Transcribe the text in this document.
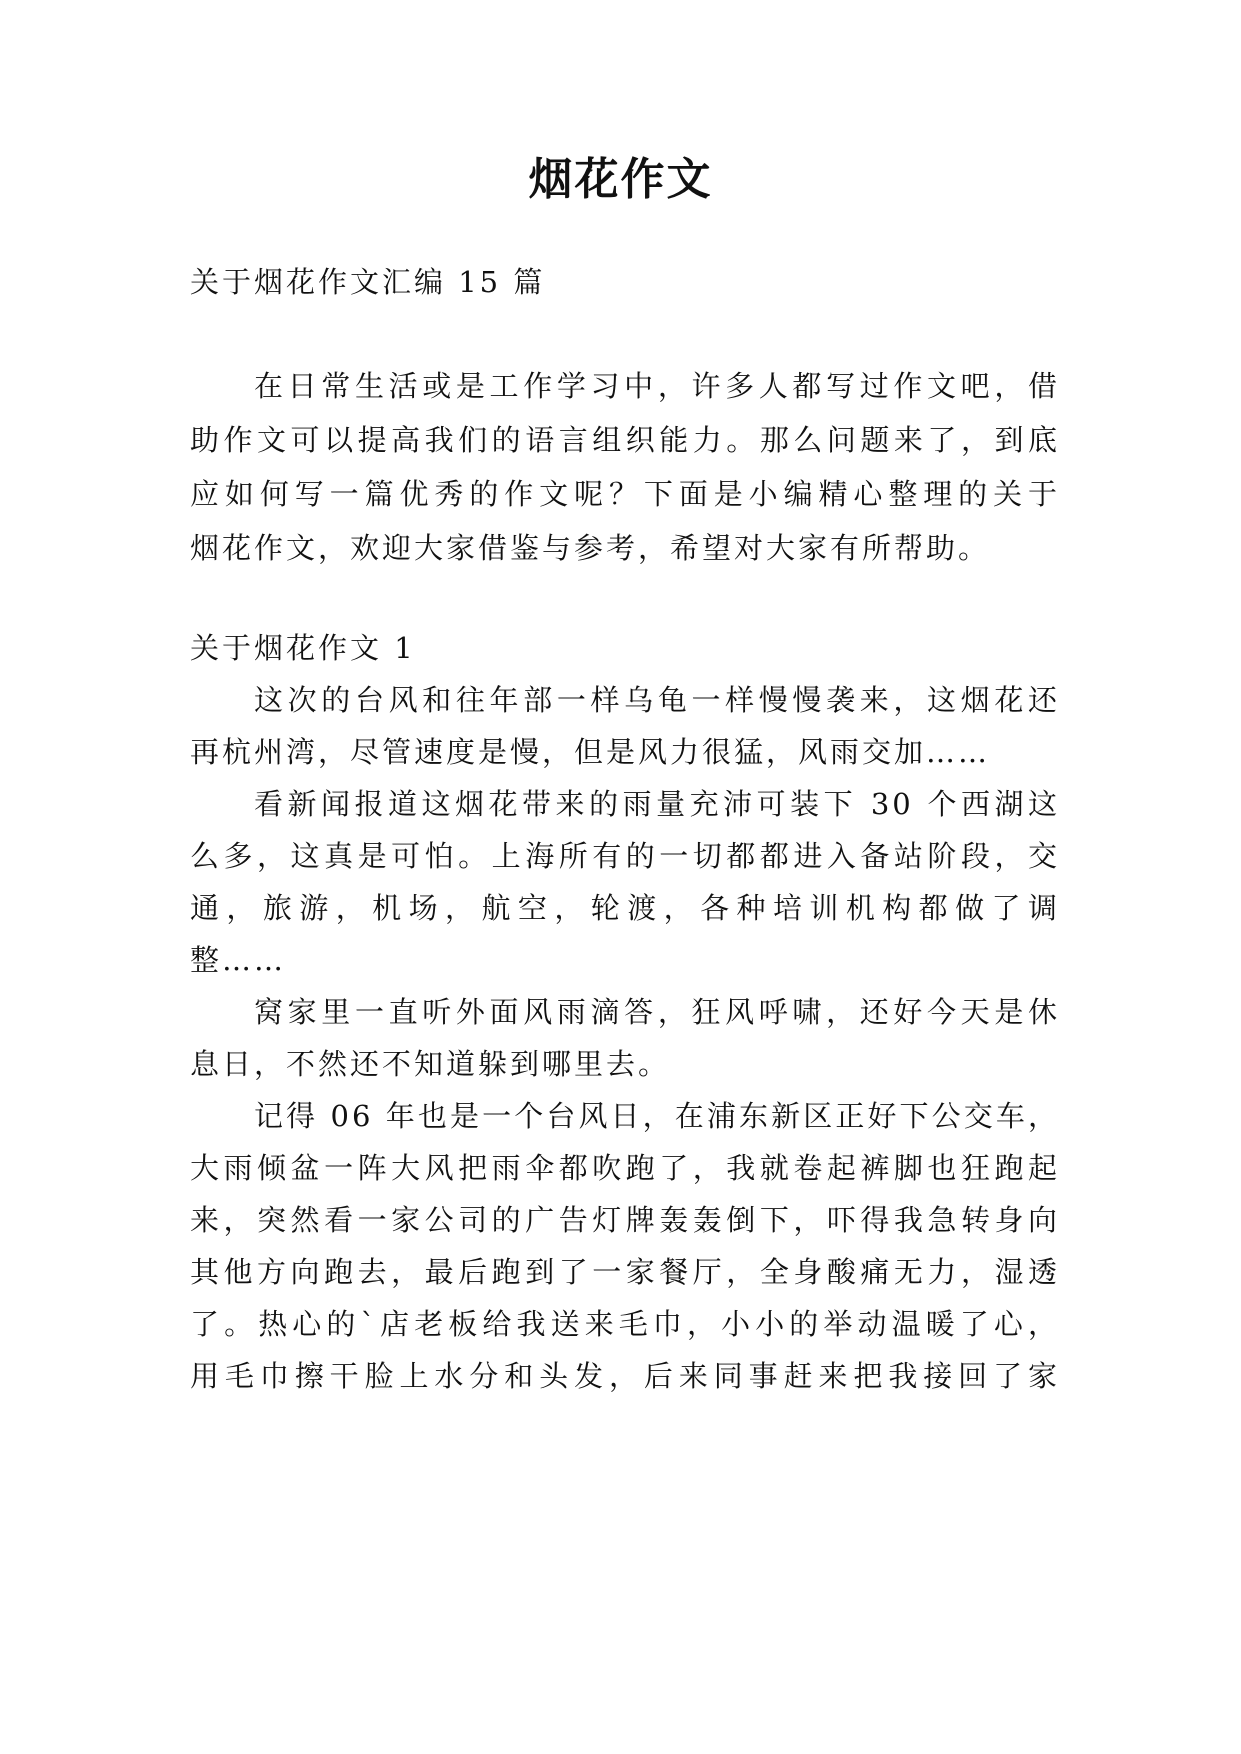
烟花作文
关于烟花作文汇编 15 篇
在日常生活或是工作学习中，许多人都写过作文吧，借
助作文可以提高我们的语言组织能力。那么问题来了，到底
应如何写一篇优秀的作文呢？下面是小编精心整理的关于
烟花作文，欢迎大家借鉴与参考，希望对大家有所帮助。
关于烟花作文 1
这次的台风和往年部一样乌龟一样慢慢袭来，这烟花还
再杭州湾，尽管速度是慢，但是风力很猛，风雨交加……
看新闻报道这烟花带来的雨量充沛可装下 30 个西湖这
么多，这真是可怕。上海所有的一切都都进入备站阶段，交
通，旅游，机场，航空，轮渡，各种培训机构都做了调
整……
窝家里一直听外面风雨滴答，狂风呼啸，还好今天是休
息日，不然还不知道躲到哪里去。
记得 06 年也是一个台风日，在浦东新区正好下公交车，
大雨倾盆一阵大风把雨伞都吹跑了，我就卷起裤脚也狂跑起
来，突然看一家公司的广告灯牌轰轰倒下，吓得我急转身向
其他方向跑去，最后跑到了一家餐厅，全身酸痛无力，湿透
了。热心的`店老板给我送来毛巾，小小的举动温暖了心，
用毛巾擦干脸上水分和头发，后来同事赶来把我接回了家
